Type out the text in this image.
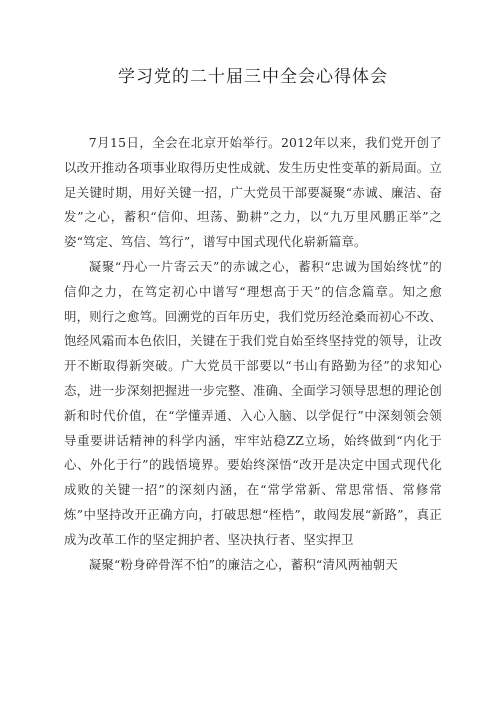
学习党的二十届三中全会心得体会

7月15日，全会在北京开始举行。2012年以来，我们党开创了以改开推动各项事业取得历史性成就、发生历史性变革的新局面。立足关键时期，用好关键一招，广大党员干部要凝聚“赤诚、廉洁、奋发”之心，蓄积“信仰、坦荡、勤耕”之力，以“九万里风鹏正举”之姿“笃定、笃信、笃行”，谱写中国式现代化崭新篇章。

凝聚“丹心一片寄云天”的赤诚之心，蓄积“忠诚为国始终忧”的信仰之力，在笃定初心中谱写“理想高于天”的信念篇章。知之愈明，则行之愈笃。回溯党的百年历史，我们党历经沧桑而初心不改、饱经风霜而本色依旧，关键在于我们党自始至终坚持党的领导，让改开不断取得新突破。广大党员干部要以“书山有路勤为径”的求知心态，进一步深刻把握进一步完整、准确、全面学习领导思想的理论创新和时代价值，在“学懂弄通、入心入脑、以学促行”中深刻领会领导重要讲话精神的科学内涵，牢牢站稳ZZ立场，始终做到“内化于心、外化于行”的践悟境界。要始终深悟“改开是决定中国式现代化成败的关键一招”的深刻内涵，在“常学常新、常思常悟、常修常炼”中坚持改开正确方向，打破思想“桎梏”，敢闯发展“新路”，真正成为改革工作的坚定拥护者、坚决执行者、坚实捍卫

凝聚“粉身碎骨浑不怕”的廉洁之心，蓄积“清风两袖朝天
